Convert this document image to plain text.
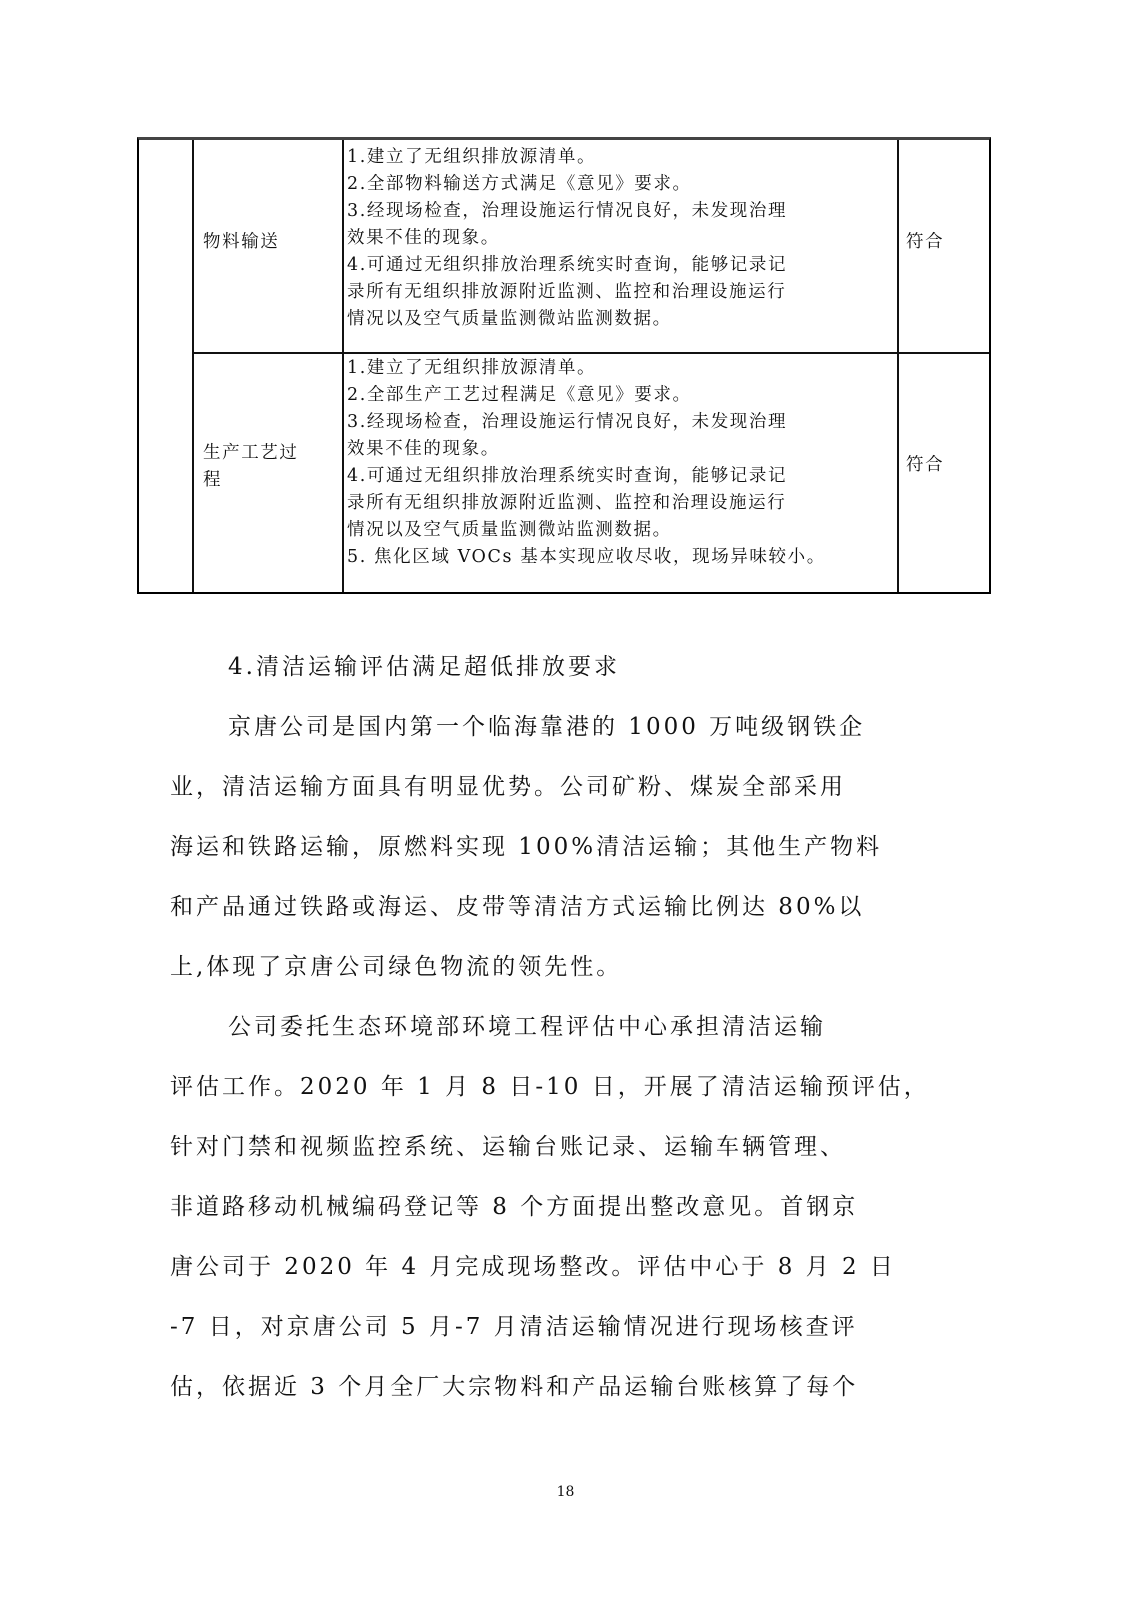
物料输送
1.建立了无组织排放源清单。
2.全部物料输送方式满足《意见》要求。
3.经现场检查，治理设施运行情况良好，未发现治理
效果不佳的现象。
4.可通过无组织排放治理系统实时查询，能够记录记
录所有无组织排放源附近监测、监控和治理设施运行
情况以及空气质量监测微站监测数据。
符合
生产工艺过
程
1.建立了无组织排放源清单。
2.全部生产工艺过程满足《意见》要求。
3.经现场检查，治理设施运行情况良好，未发现治理
效果不佳的现象。
4.可通过无组织排放治理系统实时查询，能够记录记
录所有无组织排放源附近监测、监控和治理设施运行
情况以及空气质量监测微站监测数据。
5. 焦化区域 VOCs 基本实现应收尽收，现场异味较小。
符合
4.清洁运输评估满足超低排放要求
京唐公司是国内第一个临海靠港的 1000 万吨级钢铁企
业，清洁运输方面具有明显优势。公司矿粉、煤炭全部采用
海运和铁路运输，原燃料实现 100%清洁运输；其他生产物料
和产品通过铁路或海运、皮带等清洁方式运输比例达 80%以
上,体现了京唐公司绿色物流的领先性。
公司委托生态环境部环境工程评估中心承担清洁运输
评估工作。2020 年 1 月 8 日-10 日，开展了清洁运输预评估，
针对门禁和视频监控系统、运输台账记录、运输车辆管理、
非道路移动机械编码登记等 8 个方面提出整改意见。首钢京
唐公司于 2020 年 4 月完成现场整改。评估中心于 8 月 2 日
-7 日，对京唐公司 5 月-7 月清洁运输情况进行现场核查评
估，依据近 3 个月全厂大宗物料和产品运输台账核算了每个
18
